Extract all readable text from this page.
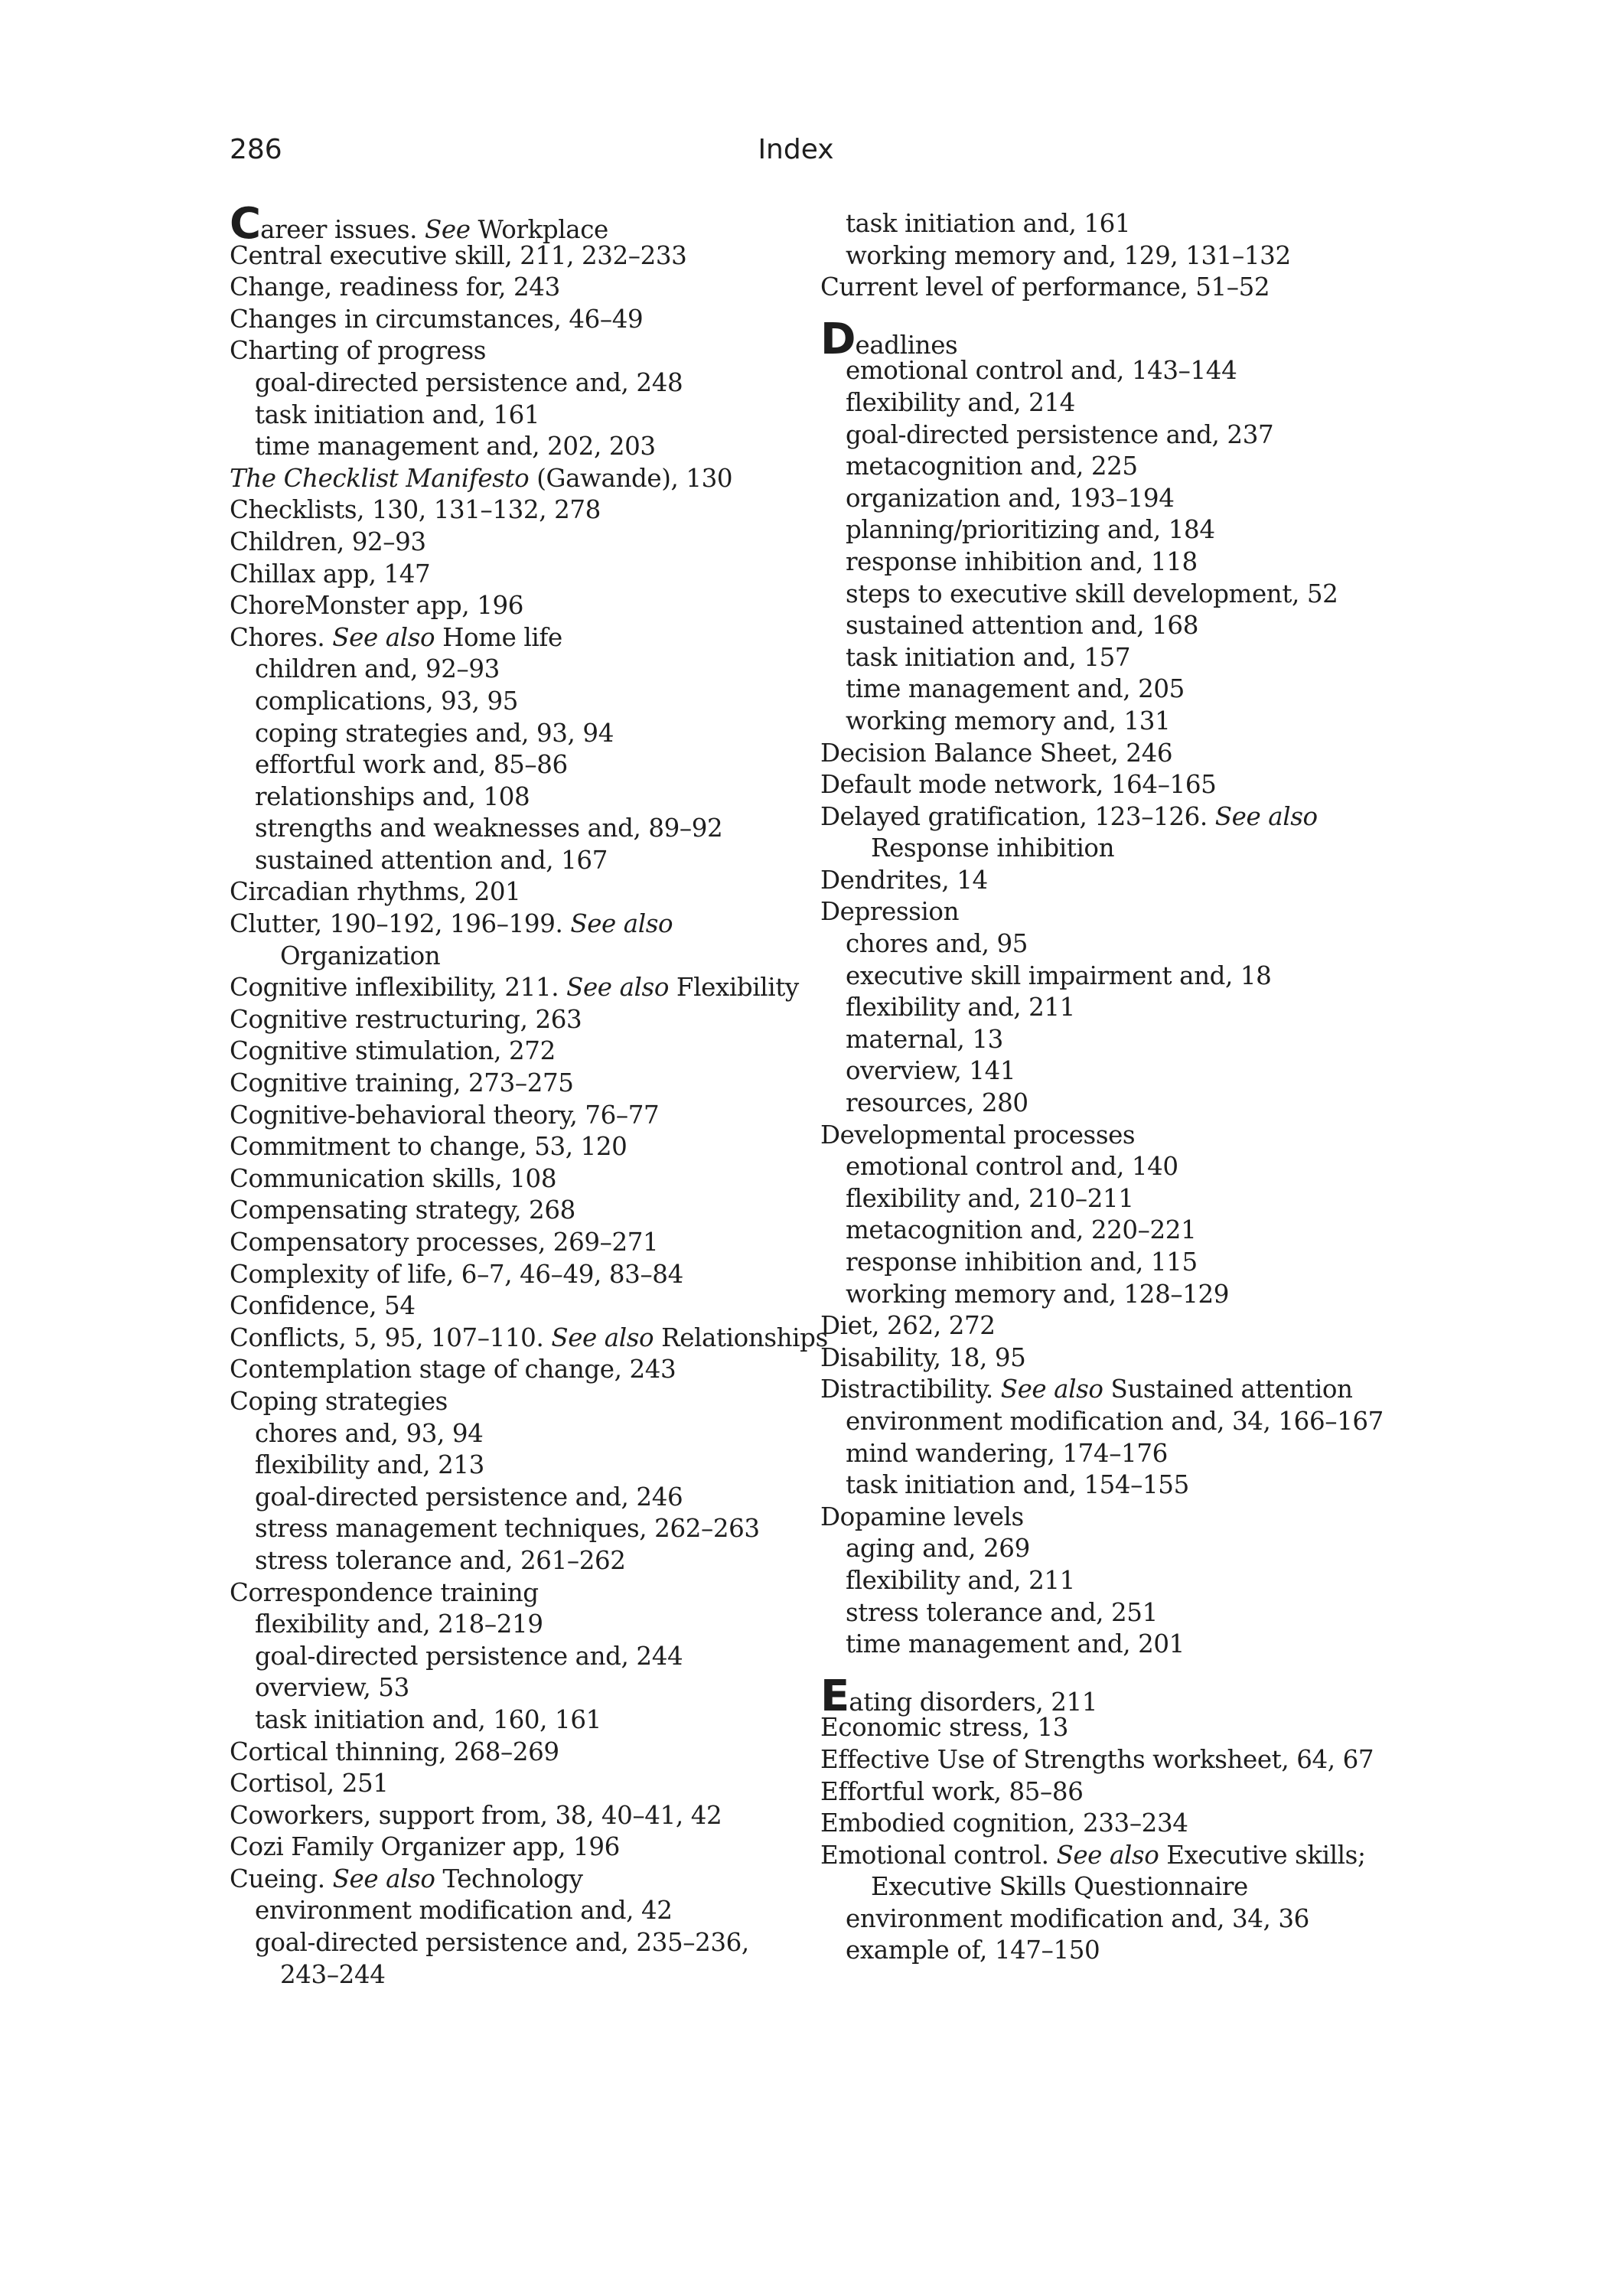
286	Index
Career issues. See Workplace
Central executive skill, 211, 232–233
Change, readiness for, 243
Changes in circumstances, 46–49
Charting of progress
goal-directed persistence and, 248
task initiation and, 161
time management and, 202, 203
The Checklist Manifesto (Gawande), 130
Checklists, 130, 131–132, 278
Children, 92–93
Chillax app, 147
ChoreMonster app, 196
Chores. See also Home life
children and, 92–93
complications, 93, 95
coping strategies and, 93, 94
effortful work and, 85–86
relationships and, 108
strengths and weaknesses and, 89–92
sustained attention and, 167
Circadian rhythms, 201
Clutter, 190–192, 196–199. See also
Organization
Cognitive inflexibility, 211. See also Flexibility
Cognitive restructuring, 263
Cognitive stimulation, 272
Cognitive training, 273–275
Cognitive-behavioral theory, 76–77
Commitment to change, 53, 120
Communication skills, 108
Compensating strategy, 268
Compensatory processes, 269–271
Complexity of life, 6–7, 46–49, 83–84
Confidence, 54
Conflicts, 5, 95, 107–110. See also Relationships
Contemplation stage of change, 243
Coping strategies
chores and, 93, 94
flexibility and, 213
goal-directed persistence and, 246
stress management techniques, 262–263
stress tolerance and, 261–262
Correspondence training
flexibility and, 218–219
goal-directed persistence and, 244
overview, 53
task initiation and, 160, 161
Cortical thinning, 268–269
Cortisol, 251
Coworkers, support from, 38, 40–41, 42
Cozi Family Organizer app, 196
Cueing. See also Technology
environment modification and, 42
goal-directed persistence and, 235–236,
243–244
task initiation and, 161
working memory and, 129, 131–132
Current level of performance, 51–52
Deadlines
emotional control and, 143–144
flexibility and, 214
goal-directed persistence and, 237
metacognition and, 225
organization and, 193–194
planning/prioritizing and, 184
response inhibition and, 118
steps to executive skill development, 52
sustained attention and, 168
task initiation and, 157
time management and, 205
working memory and, 131
Decision Balance Sheet, 246
Default mode network, 164–165
Delayed gratification, 123–126. See also
Response inhibition
Dendrites, 14
Depression
chores and, 95
executive skill impairment and, 18
flexibility and, 211
maternal, 13
overview, 141
resources, 280
Developmental processes
emotional control and, 140
flexibility and, 210–211
metacognition and, 220–221
response inhibition and, 115
working memory and, 128–129
Diet, 262, 272
Disability, 18, 95
Distractibility. See also Sustained attention
environment modification and, 34, 166–167
mind wandering, 174–176
task initiation and, 154–155
Dopamine levels
aging and, 269
flexibility and, 211
stress tolerance and, 251
time management and, 201
Eating disorders, 211
Economic stress, 13
Effective Use of Strengths worksheet, 64, 67
Effortful work, 85–86
Embodied cognition, 233–234
Emotional control. See also Executive skills;
Executive Skills Questionnaire
environment modification and, 34, 36
example of, 147–150
